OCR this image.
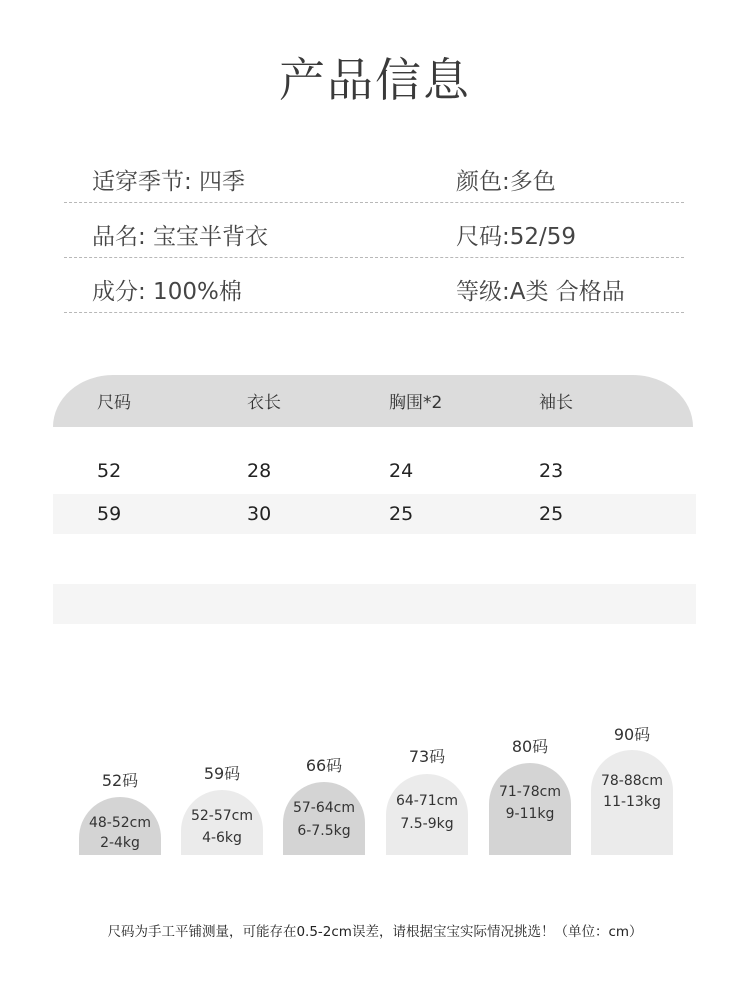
产品信息
适穿季节: 四季	颜色:多色
品名: 宝宝半背衣	尺码:52/59
成分: 100%棉	等级:A类 合格品
尺码	衣长	胸围*2	袖长
52	28	24	23
59	30	25	25
52码
48-52cm
2-4kg
59码
52-57cm
4-6kg
66码
57-64cm
6-7.5kg
73码
64-71cm
7.5-9kg
80码
71-78cm
9-11kg
90码
78-88cm
11-13kg
尺码为手工平铺测量，可能存在0.5-2cm误差，请根据宝宝实际情况挑选！（单位：cm）
